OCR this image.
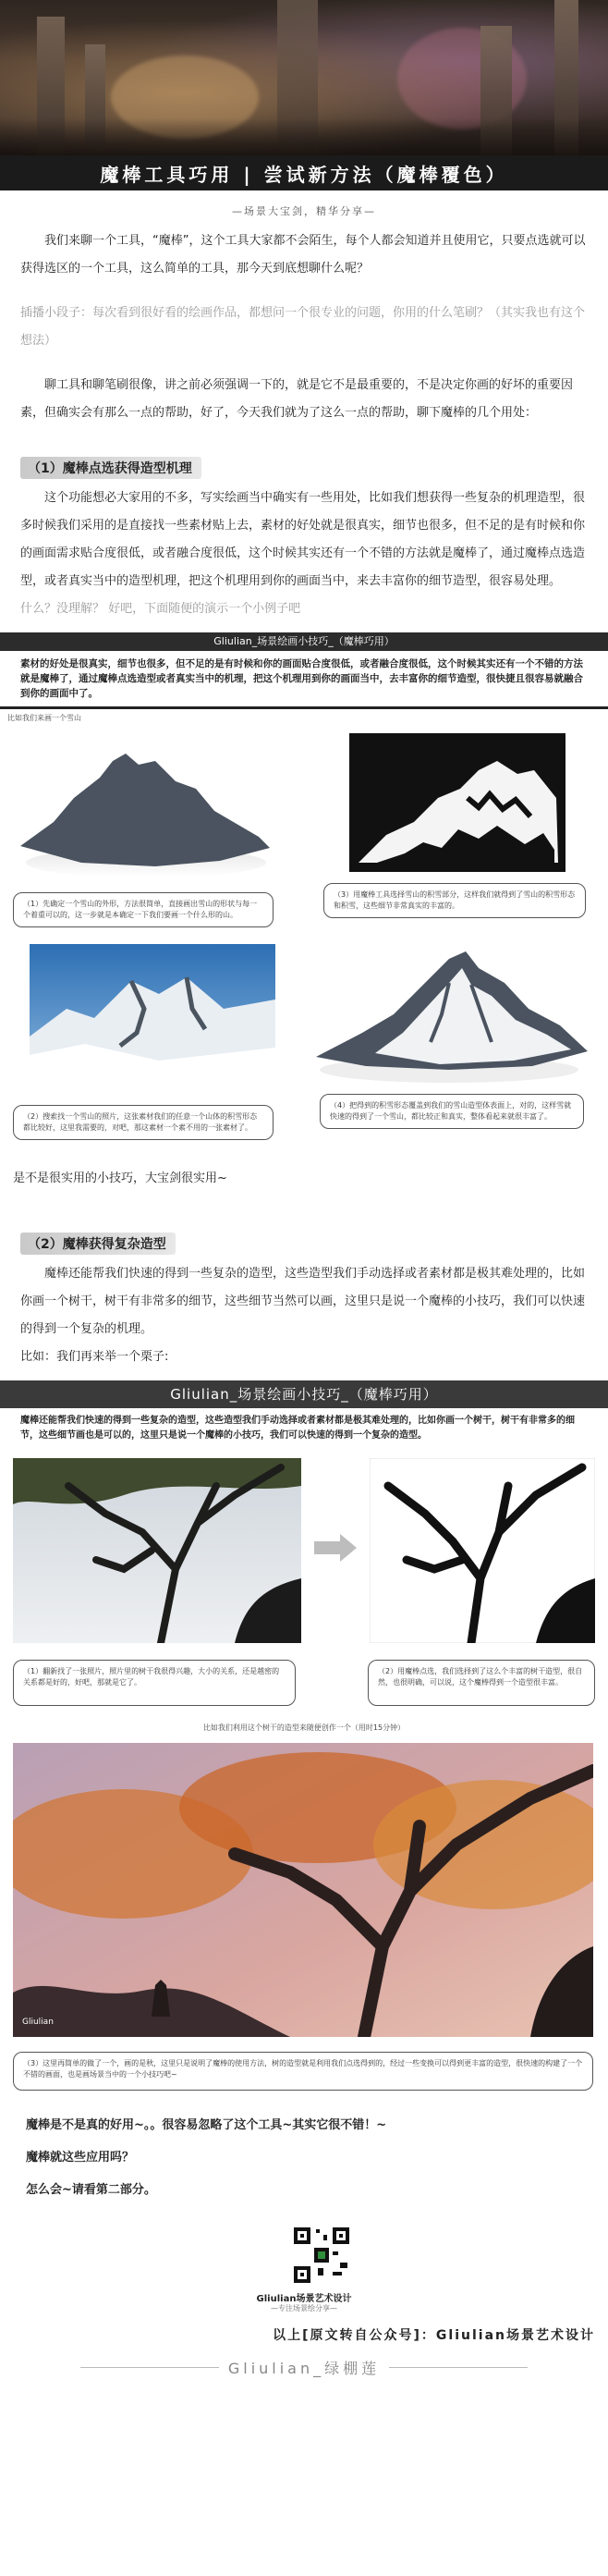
魔棒工具巧用 | 尝试新方法（魔棒覆色）
—场景大宝剑，精华分享—

我们来聊一个工具，“魔棒”，这个工具大家都不会陌生，每个人都会知道并且使用它，只要点选就可以获得选区的一个工具，这么简单的工具，那今天到底想聊什么呢？

插播小段子：每次看到很好看的绘画作品，都想问一个很专业的问题，你用的什么笔刷？（其实我也有这个想法）

聊工具和聊笔刷很像，讲之前必须强调一下的，就是它不是最重要的，不是决定你画的好坏的重要因素，但确实会有那么一点的帮助，好了，今天我们就为了这么一点的帮助，聊下魔棒的几个用处：

（1）魔棒点选获得造型机理

这个功能想必大家用的不多，写实绘画当中确实有一些用处，比如我们想获得一些复杂的机理造型，很多时候我们采用的是直接找一些素材贴上去，素材的好处就是很真实，细节也很多，但不足的是有时候和你的画面需求贴合度很低，或者融合度很低，这个时候其实还有一个不错的方法就是魔棒了，通过魔棒点选造型，或者真实当中的造型机理，把这个机理用到你的画面当中，来去丰富你的细节造型，很容易处理。

什么？没理解？ 好吧，下面随便的演示一个小例子吧

Gliulian_场景绘画小技巧_（魔棒巧用）
素材的好处是很真实，细节也很多，但不足的是有时候和你的画面贴合度很低，或者融合度很低，这个时候其实还有一个不错的方法就是魔棒了，通过魔棒点选造型或者真实当中的机理，把这个机理用到你的画面当中，去丰富你的细节造型，很快捷且很容易就融合到你的画面中了。
比如我们来画一个雪山
（1）先确定一个雪山的外形，方法很简单，直接画出雪山的形状与每一个着重可以的，这一步就是本确定一下我们要画一个什么形的山。
（3）用魔棒工具选择雪山的积雪部分，这样我们就得到了雪山的积雪形态和积雪，这些细节非常真实的丰富的。
（2）搜索找一个雪山的照片，这张素材我们的任意一个山体的积雪形态都比较好，这里我需要的，对吧，那这素材一个素不用的一张素材了。
（4）把得到的积雪形态覆盖到我们的雪山造型体表面上，对的，这样雪就快速的得到了一个雪山，都比较正和真实，整体看起来就很丰富了。
是不是很实用的小技巧，大宝剑很实用~
（2）魔棒获得复杂造型

魔棒还能帮我们快速的得到一些复杂的造型，这些造型我们手动选择或者素材都是极其难处理的，比如你画一个树干，树干有非常多的细节，这些细节当然可以画，这里只是说一个魔棒的小技巧，我们可以快速的得到一个复杂的机理。

比如：我们再来举一个栗子:

Gliulian_场景绘画小技巧_（魔棒巧用）
魔棒还能帮我们快速的得到一些复杂的造型，这些造型我们手动选择或者素材都是极其难处理的，比如你画一个树干，树干有非常多的细节，这些细节画也是可以的，这里只是说一个魔棒的小技巧，我们可以快速的得到一个复杂的造型。
（1）翻新找了一张照片，照片里的树干我很得兴趣，大小的关系，还是越密的关系都是好的，好吧，那就是它了。
（2）用魔棒点选，我们选择到了这么个丰富的树干造型，很自然，也很明确，可以说，这个魔棒得到一个造型很丰富。
比如我们利用这个树干的造型来随便创作一个（用时15分钟）
Gliulian
（3）这里再简单的做了一个，画的是秋，这里只是说明了魔棒的使用方法，树的造型就是利用我们点选得到的，经过一些变换可以得到更丰富的造型，很快速的构建了一个不错的画面，也是画场景当中的一个小技巧吧~

魔棒是不是真的好用~。。很容易忽略了这个工具~其实它很不错！~

魔棒就这些应用吗？

怎么会~请看第二部分。

Gliulian场景艺术设计
—专注场景绘分享—
以上[原文转自公众号]：Gliulian场景艺术设计
Gliulian_绿棚莲
